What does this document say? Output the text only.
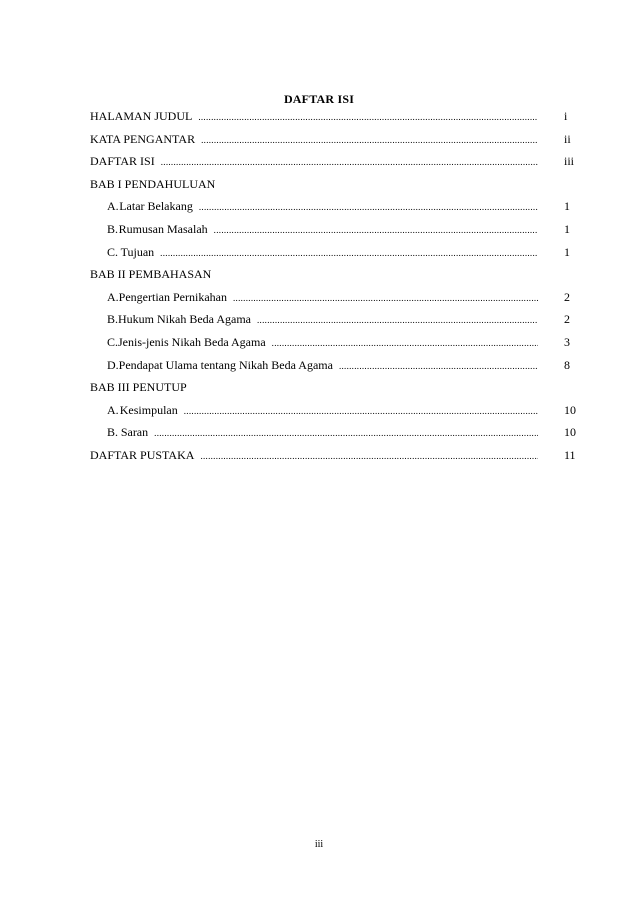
DAFTAR ISI
HALAMAN JUDUL .....	i
KATA PENGANTAR .....	ii
DAFTAR ISI .....	iii
BAB I PENDAHULUAN
A. Latar Belakang .....	1
B. Rumusan Masalah .....	1
C. Tujuan .....	1
BAB II PEMBAHASAN
A. Pengertian Pernikahan .....	2
B. Hukum Nikah Beda Agama .....	2
C. Jenis-jenis Nikah Beda Agama .....	3
D. Pendapat Ulama tentang Nikah Beda Agama .....	8
BAB III PENUTUP
A. Kesimpulan .....	10
B. Saran .....	10
DAFTAR PUSTAKA .....	11
iii
